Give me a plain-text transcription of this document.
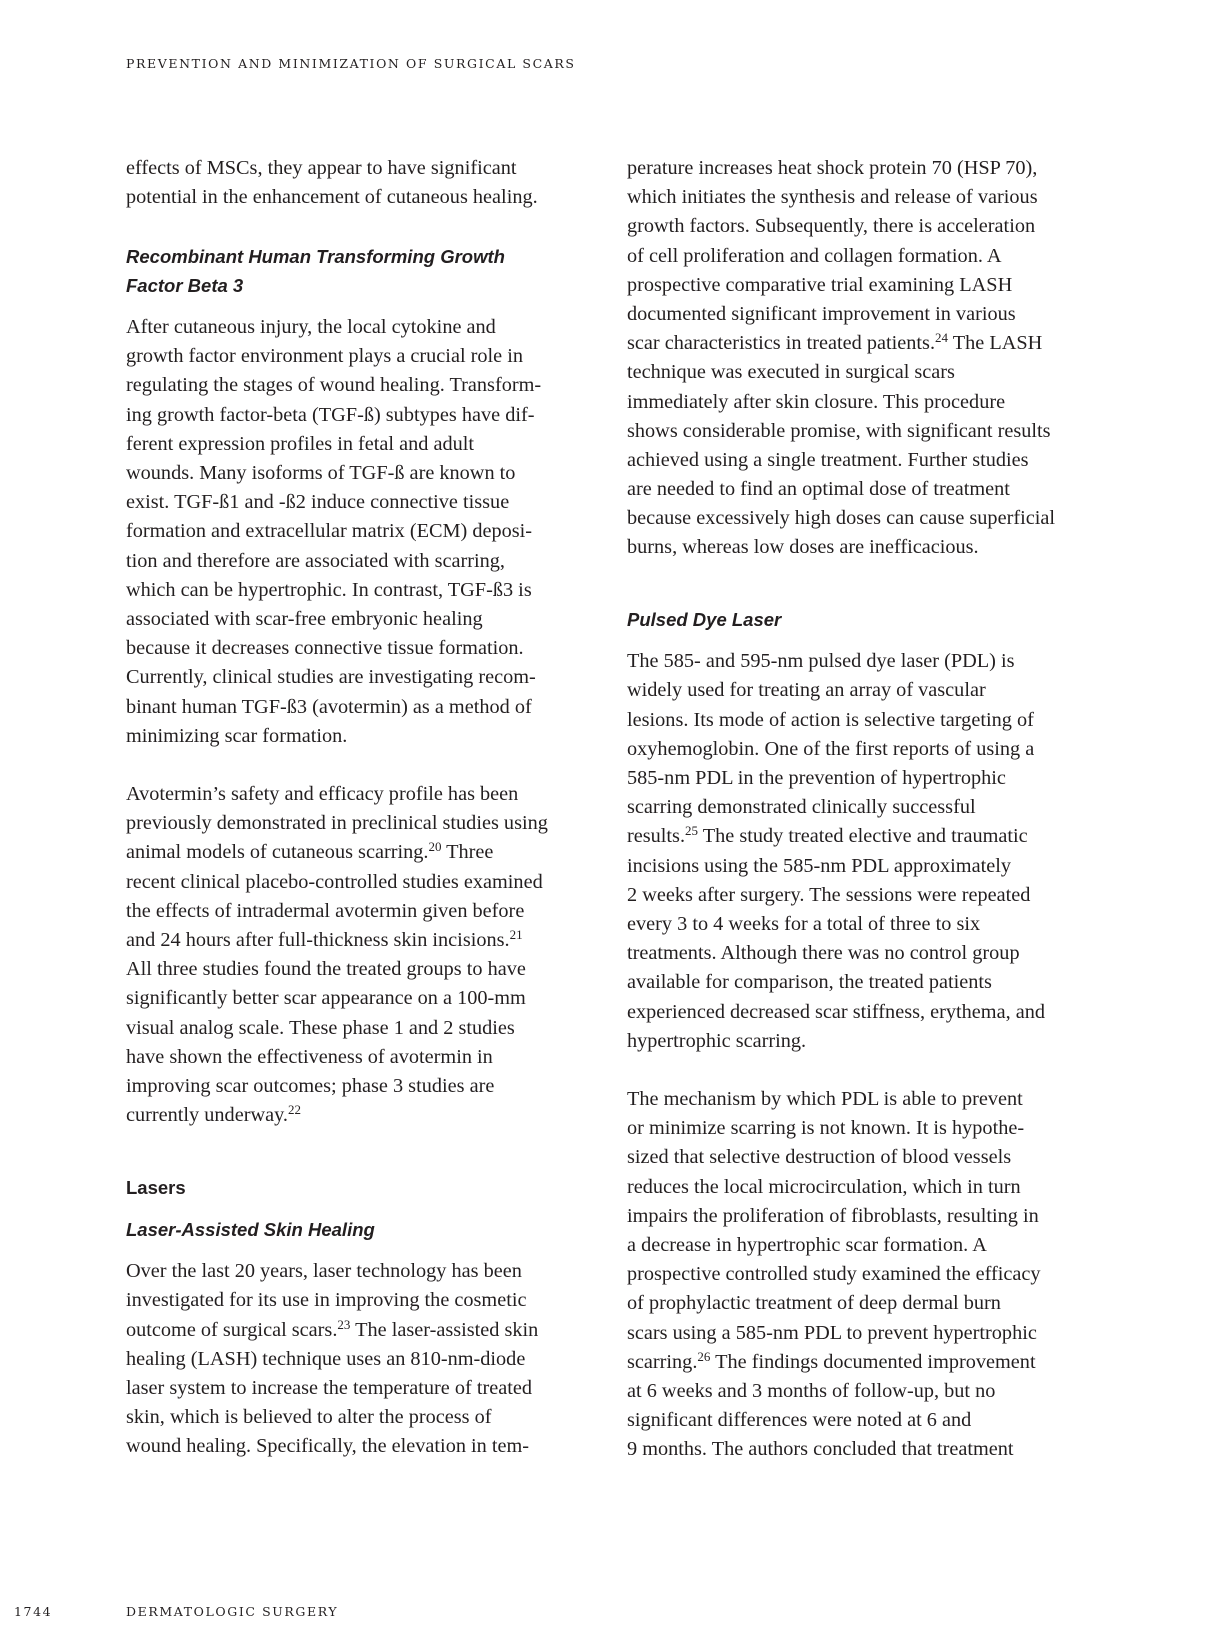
PREVENTION AND MINIMIZATION OF SURGICAL SCARS
effects of MSCs, they appear to have significant
potential in the enhancement of cutaneous healing.
Recombinant Human Transforming Growth
Factor Beta 3
After cutaneous injury, the local cytokine and
growth factor environment plays a crucial role in
regulating the stages of wound healing. Transform-
ing growth factor-beta (TGF-ß) subtypes have dif-
ferent expression profiles in fetal and adult
wounds. Many isoforms of TGF-ß are known to
exist. TGF-ß1 and -ß2 induce connective tissue
formation and extracellular matrix (ECM) deposi-
tion and therefore are associated with scarring,
which can be hypertrophic. In contrast, TGF-ß3 is
associated with scar-free embryonic healing
because it decreases connective tissue formation.
Currently, clinical studies are investigating recom-
binant human TGF-ß3 (avotermin) as a method of
minimizing scar formation.
Avotermin’s safety and efficacy profile has been
previously demonstrated in preclinical studies using
animal models of cutaneous scarring.$^{20}$ Three
recent clinical placebo-controlled studies examined
the effects of intradermal avotermin given before
and 24 hours after full-thickness skin incisions.$^{21}$
All three studies found the treated groups to have
significantly better scar appearance on a 100-mm
visual analog scale. These phase 1 and 2 studies
have shown the effectiveness of avotermin in
improving scar outcomes; phase 3 studies are
currently underway.$^{22}$
Lasers
Laser-Assisted Skin Healing
Over the last 20 years, laser technology has been
investigated for its use in improving the cosmetic
outcome of surgical scars.$^{23}$ The laser-assisted skin
healing (LASH) technique uses an 810-nm-diode
laser system to increase the temperature of treated
skin, which is believed to alter the process of
wound healing. Specifically, the elevation in tem-
perature increases heat shock protein 70 (HSP 70),
which initiates the synthesis and release of various
growth factors. Subsequently, there is acceleration
of cell proliferation and collagen formation. A
prospective comparative trial examining LASH
documented significant improvement in various
scar characteristics in treated patients.$^{24}$ The LASH
technique was executed in surgical scars
immediately after skin closure. This procedure
shows considerable promise, with significant results
achieved using a single treatment. Further studies
are needed to find an optimal dose of treatment
because excessively high doses can cause superficial
burns, whereas low doses are inefficacious.
Pulsed Dye Laser
The 585- and 595-nm pulsed dye laser (PDL) is
widely used for treating an array of vascular
lesions. Its mode of action is selective targeting of
oxyhemoglobin. One of the first reports of using a
585-nm PDL in the prevention of hypertrophic
scarring demonstrated clinically successful
results.$^{25}$ The study treated elective and traumatic
incisions using the 585-nm PDL approximately
2 weeks after surgery. The sessions were repeated
every 3 to 4 weeks for a total of three to six
treatments. Although there was no control group
available for comparison, the treated patients
experienced decreased scar stiffness, erythema, and
hypertrophic scarring.
The mechanism by which PDL is able to prevent
or minimize scarring is not known. It is hypothe-
sized that selective destruction of blood vessels
reduces the local microcirculation, which in turn
impairs the proliferation of fibroblasts, resulting in
a decrease in hypertrophic scar formation. A
prospective controlled study examined the efficacy
of prophylactic treatment of deep dermal burn
scars using a 585-nm PDL to prevent hypertrophic
scarring.$^{26}$ The findings documented improvement
at 6 weeks and 3 months of follow-up, but no
significant differences were noted at 6 and
9 months. The authors concluded that treatment
1744	DERMATOLOGIC SURGERY
